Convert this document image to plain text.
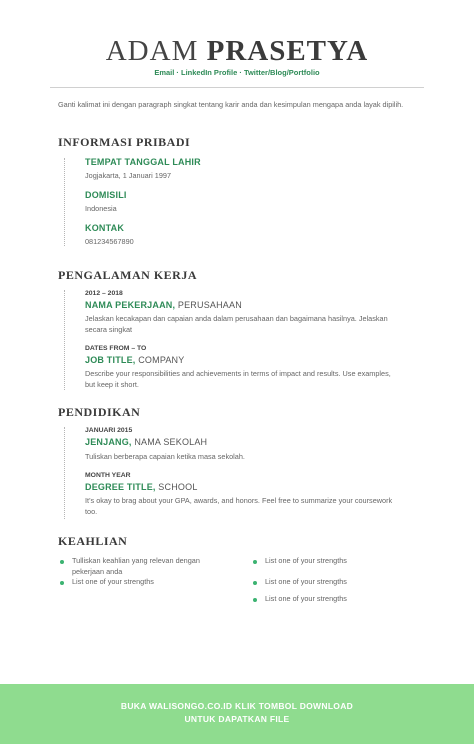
ADAM PRASETYA
Email · LinkedIn Profile · Twitter/Blog/Portfolio
Ganti kalimat ini dengan paragraph singkat tentang karir anda dan kesimpulan mengapa anda layak dipilih.
INFORMASI PRIBADI
TEMPAT TANGGAL LAHIR
Jogjakarta, 1 Januari 1997
DOMISILI
Indonesia
KONTAK
081234567890
PENGALAMAN KERJA
2012 – 2018
NAMA PEKERJAAN, PERUSAHAAN
Jelaskan kecakapan dan capaian anda dalam perusahaan dan bagaimana hasilnya. Jelaskan secara singkat
DATES FROM – TO
JOB TITLE, COMPANY
Describe your responsibilities and achievements in terms of impact and results. Use examples, but keep it short.
PENDIDIKAN
JANUARI 2015
JENJANG, NAMA SEKOLAH
Tuliskan berberapa capaian ketika masa sekolah.
MONTH YEAR
DEGREE TITLE, SCHOOL
It’s okay to brag about your GPA, awards, and honors. Feel free to summarize your coursework too.
KEAHLIAN
Tulliskan keahlian yang relevan dengan pekerjaan anda
List one of your strengths
List one of your strengths
List one of your strengths
List one of your strengths
BUKA WALISONGO.CO.ID KLIK TOMBOL DOWNLOAD
UNTUK DAPATKAN FILE
